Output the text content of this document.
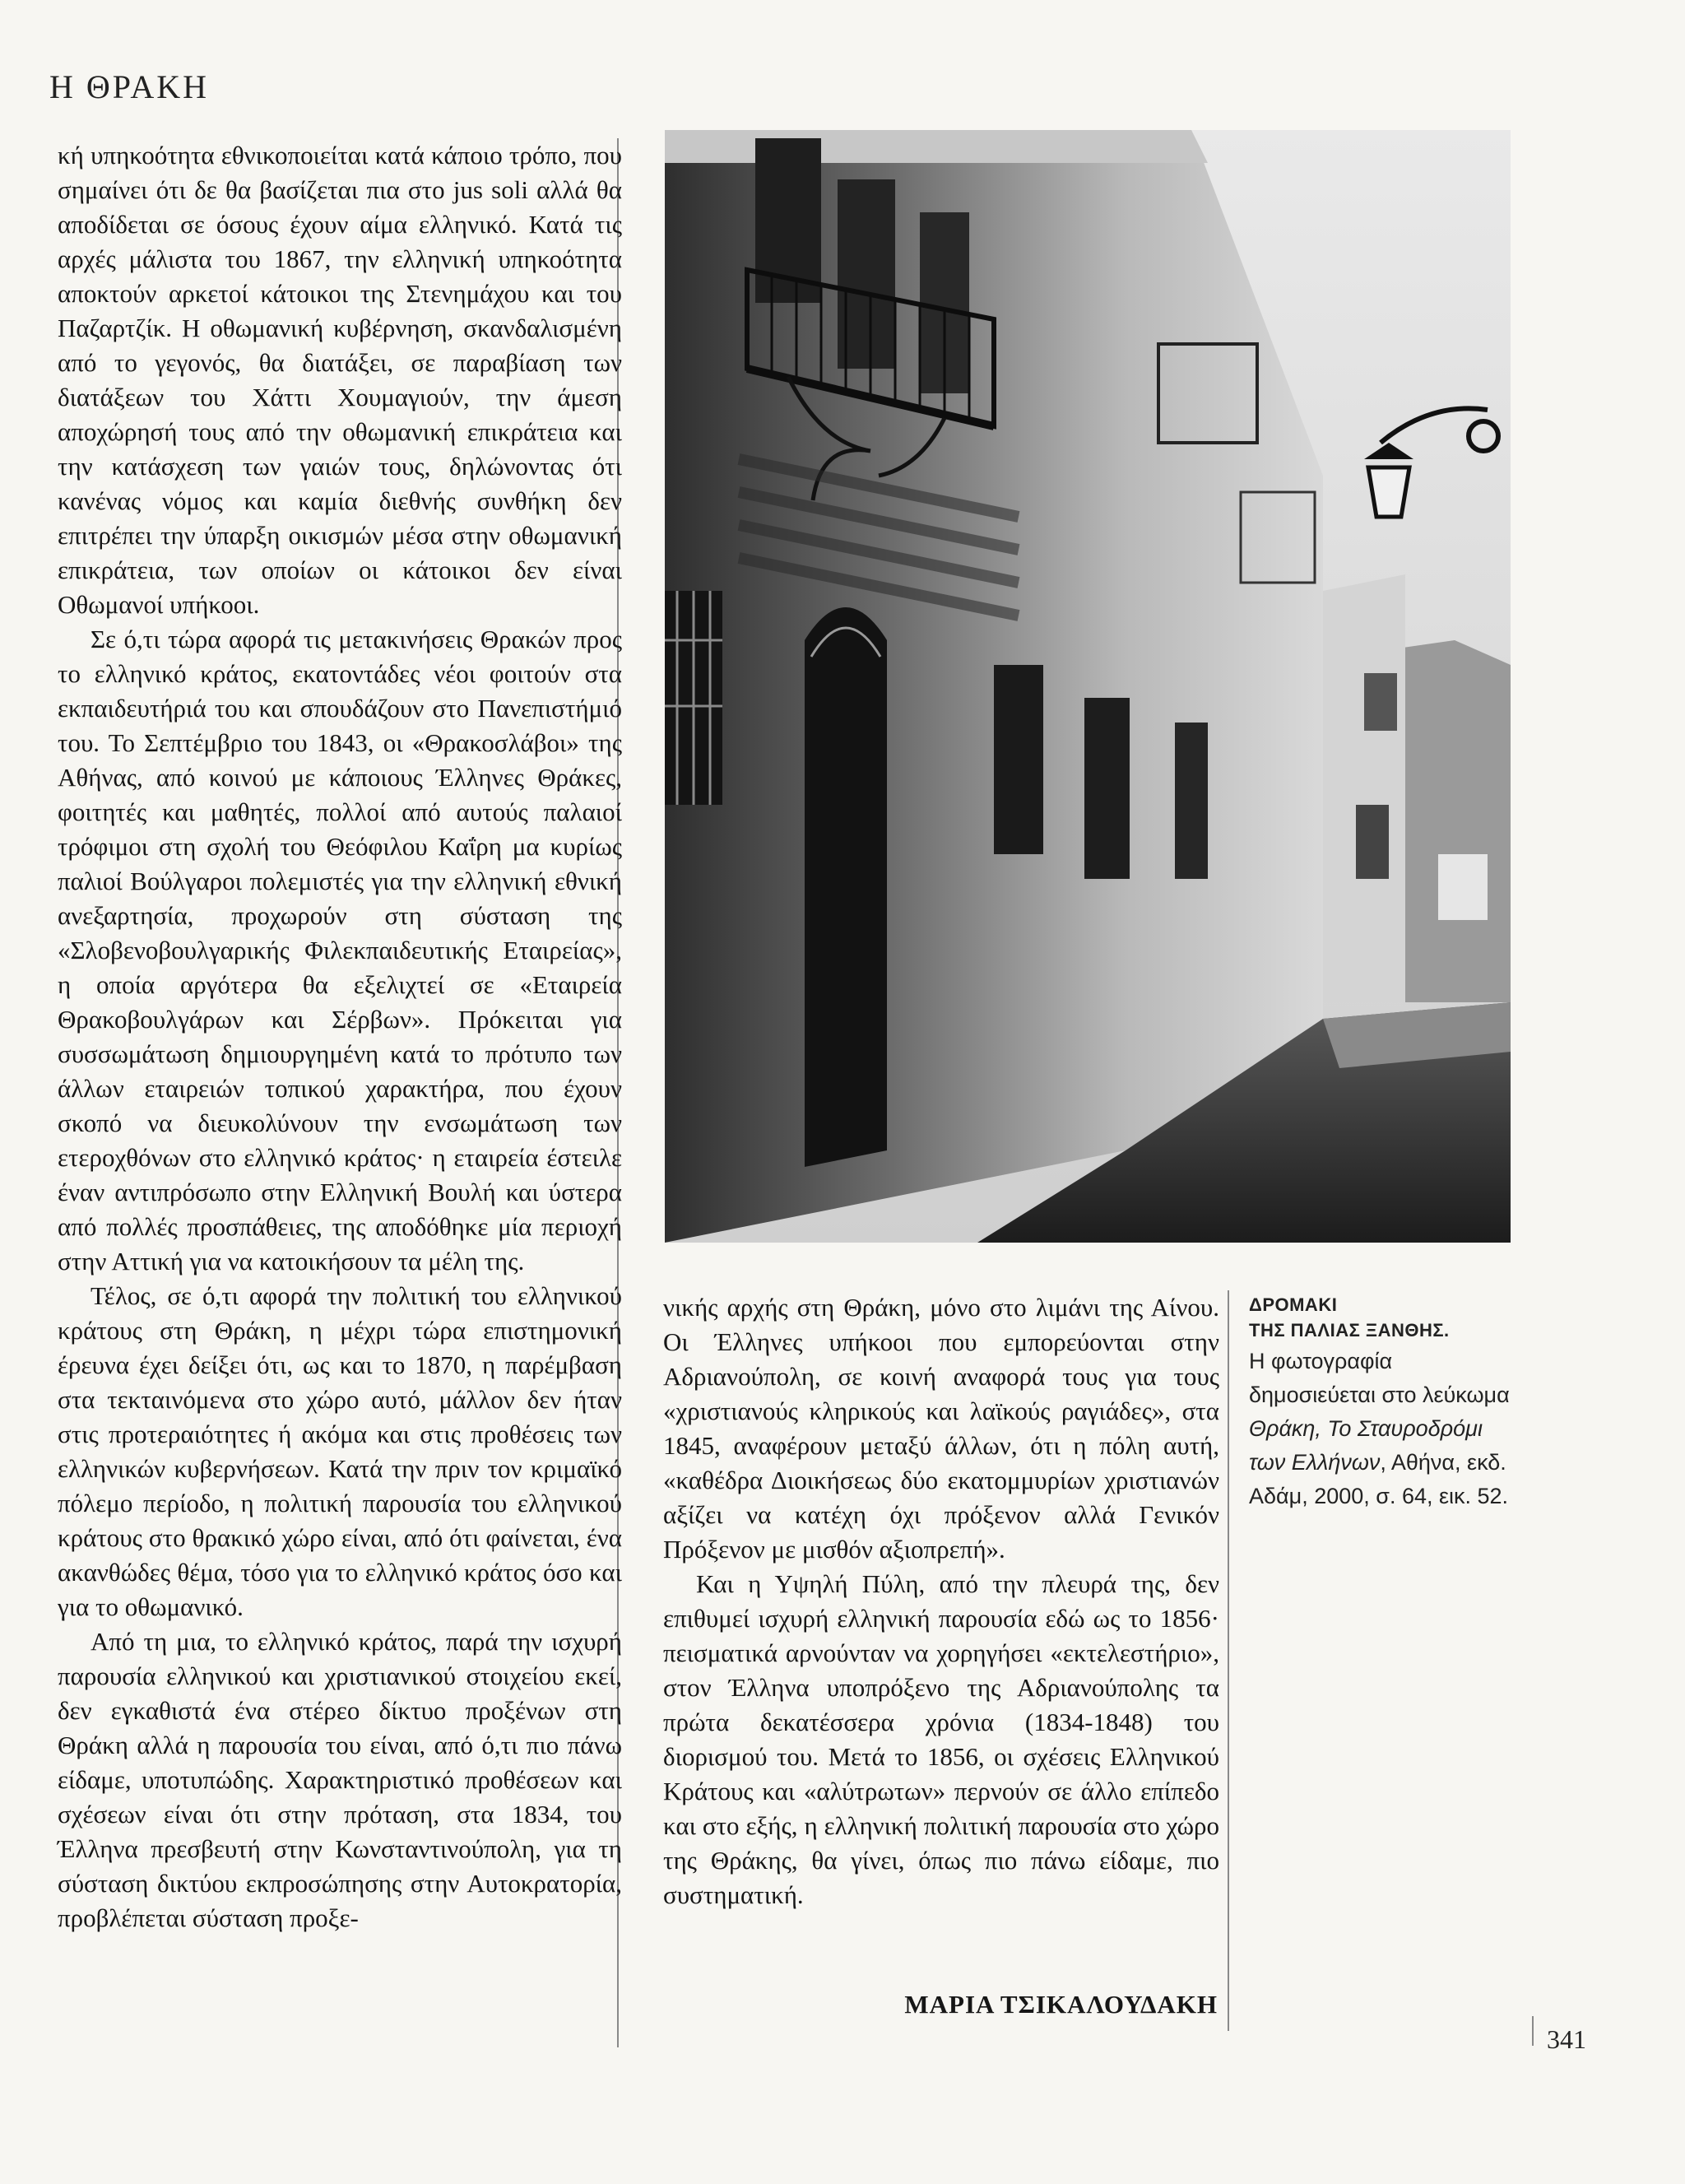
Η ΘΡΑΚΗ

κή υπηκοότητα εθνικοποιείται κατά κάποιο τρόπο, που σημαίνει ότι δε θα βασίζεται πια στο jus soli αλλά θα αποδίδεται σε όσους έχουν αίμα ελληνικό. Κατά τις αρχές μάλιστα του 1867, την ελληνική υπηκοότητα αποκτούν αρκετοί κάτοικοι της Στενημάχου και του Παζαρτζίκ. Η οθωμανική κυβέρνηση, σκανδαλισμένη από το γεγονός, θα διατάξει, σε παραβίαση των διατάξεων του Χάττι Χουμαγιούν, την άμεση αποχώρησή τους από την οθωμανική επικράτεια και την κατάσχεση των γαιών τους, δηλώνοντας ότι κανένας νόμος και καμία διεθνής συνθήκη δεν επιτρέπει την ύπαρξη οικισμών μέσα στην οθωμανική επικράτεια, των οποίων οι κάτοικοι δεν είναι Οθωμανοί υπήκοοι.

Σε ό,τι τώρα αφορά τις μετακινήσεις Θρακών προς το ελληνικό κράτος, εκατοντάδες νέοι φοιτούν στα εκπαιδευτήριά του και σπουδάζουν στο Πανεπιστήμιό του. Το Σεπτέμβριο του 1843, οι «Θρακοσλάβοι» της Αθήνας, από κοινού με κάποιους Έλληνες Θράκες, φοιτητές και μαθητές, πολλοί από αυτούς παλαιοί τρόφιμοι στη σχολή του Θεόφιλου Καΐρη μα κυρίως παλιοί Βούλγαροι πολεμιστές για την ελληνική εθνική ανεξαρτησία, προχωρούν στη σύσταση της «Σλοβενοβουλγαρικής Φιλεκπαιδευτικής Εταιρείας», η οποία αργότερα θα εξελιχτεί σε «Εταιρεία Θρακοβουλγάρων και Σέρβων». Πρόκειται για συσσωμάτωση δημιουργημένη κατά το πρότυπο των άλλων εταιρειών τοπικού χαρακτήρα, που έχουν σκοπό να διευκολύνουν την ενσωμάτωση των ετεροχθόνων στο ελληνικό κράτος· η εταιρεία έστειλε έναν αντιπρόσωπο στην Ελληνική Βουλή και ύστερα από πολλές προσπάθειες, της αποδόθηκε μία περιοχή στην Αττική για να κατοικήσουν τα μέλη της.

Τέλος, σε ό,τι αφορά την πολιτική του ελληνικού κράτους στη Θράκη, η μέχρι τώρα επιστημονική έρευνα έχει δείξει ότι, ως και το 1870, η παρέμβαση στα τεκταινόμενα στο χώρο αυτό, μάλλον δεν ήταν στις προτεραιότητες ή ακόμα και στις προθέσεις των ελληνικών κυβερνήσεων. Κατά την πριν τον κριμαϊκό πόλεμο περίοδο, η πολιτική παρουσία του ελληνικού κράτους στο θρακικό χώρο είναι, από ότι φαίνεται, ένα ακανθώδες θέμα, τόσο για το ελληνικό κράτος όσο και για το οθωμανικό.

Από τη μια, το ελληνικό κράτος, παρά την ισχυρή παρουσία ελληνικού και χριστιανικού στοιχείου εκεί, δεν εγκαθιστά ένα στέρεο δίκτυο προξένων στη Θράκη αλλά η παρουσία του είναι, από ό,τι πιο πάνω είδαμε, υποτυπώδης. Χαρακτηριστικό προθέσεων και σχέσεων είναι ότι στην πρόταση, στα 1834, του Έλληνα πρεσβευτή στην Κωνσταντινούπολη, για τη σύσταση δικτύου εκπροσώπησης στην Αυτοκρατορία, προβλέπεται σύσταση προξε-

νικής αρχής στη Θράκη, μόνο στο λιμάνι της Αίνου. Οι Έλληνες υπήκοοι που εμπορεύονται στην Αδριανούπολη, σε κοινή αναφορά τους για τους «χριστιανούς κληρικούς και λαϊκούς ραγιάδες», στα 1845, αναφέρουν μεταξύ άλλων, ότι η πόλη αυτή, «καθέδρα Διοικήσεως δύο εκατομμυρίων χριστιανών αξίζει να κατέχη όχι πρόξενον αλλά Γενικόν Πρόξενον με μισθόν αξιοπρεπή».

Και η Υψηλή Πύλη, από την πλευρά της, δεν επιθυμεί ισχυρή ελληνική παρουσία εδώ ως το 1856· πεισματικά αρνούνταν να χορηγήσει «εκτελεστήριο», στον Έλληνα υποπρόξενο της Αδριανούπολης τα πρώτα δεκατέσσερα χρόνια (1834-1848) του διορισμού του. Μετά το 1856, οι σχέσεις Ελληνικού Κράτους και «αλύτρωτων» περνούν σε άλλο επίπεδο και στο εξής, η ελληνική πολιτική παρουσία στο χώρο της Θράκης, θα γίνει, όπως πιο πάνω είδαμε, πιο συστηματική.

ΜΑΡΙΑ ΤΣΙΚΑΛΟΥΔΑΚΗ
ΔΡΟΜΑΚΙ
ΤΗΣ ΠΑΛΙΑΣ ΞΑΝΘΗΣ.
Η φωτογραφία δημοσιεύεται στο λεύκωμα Θράκη, Το Σταυροδρόμι των Ελλήνων, Αθήνα, εκδ. Αδάμ, 2000, σ. 64, εικ. 52.
341
